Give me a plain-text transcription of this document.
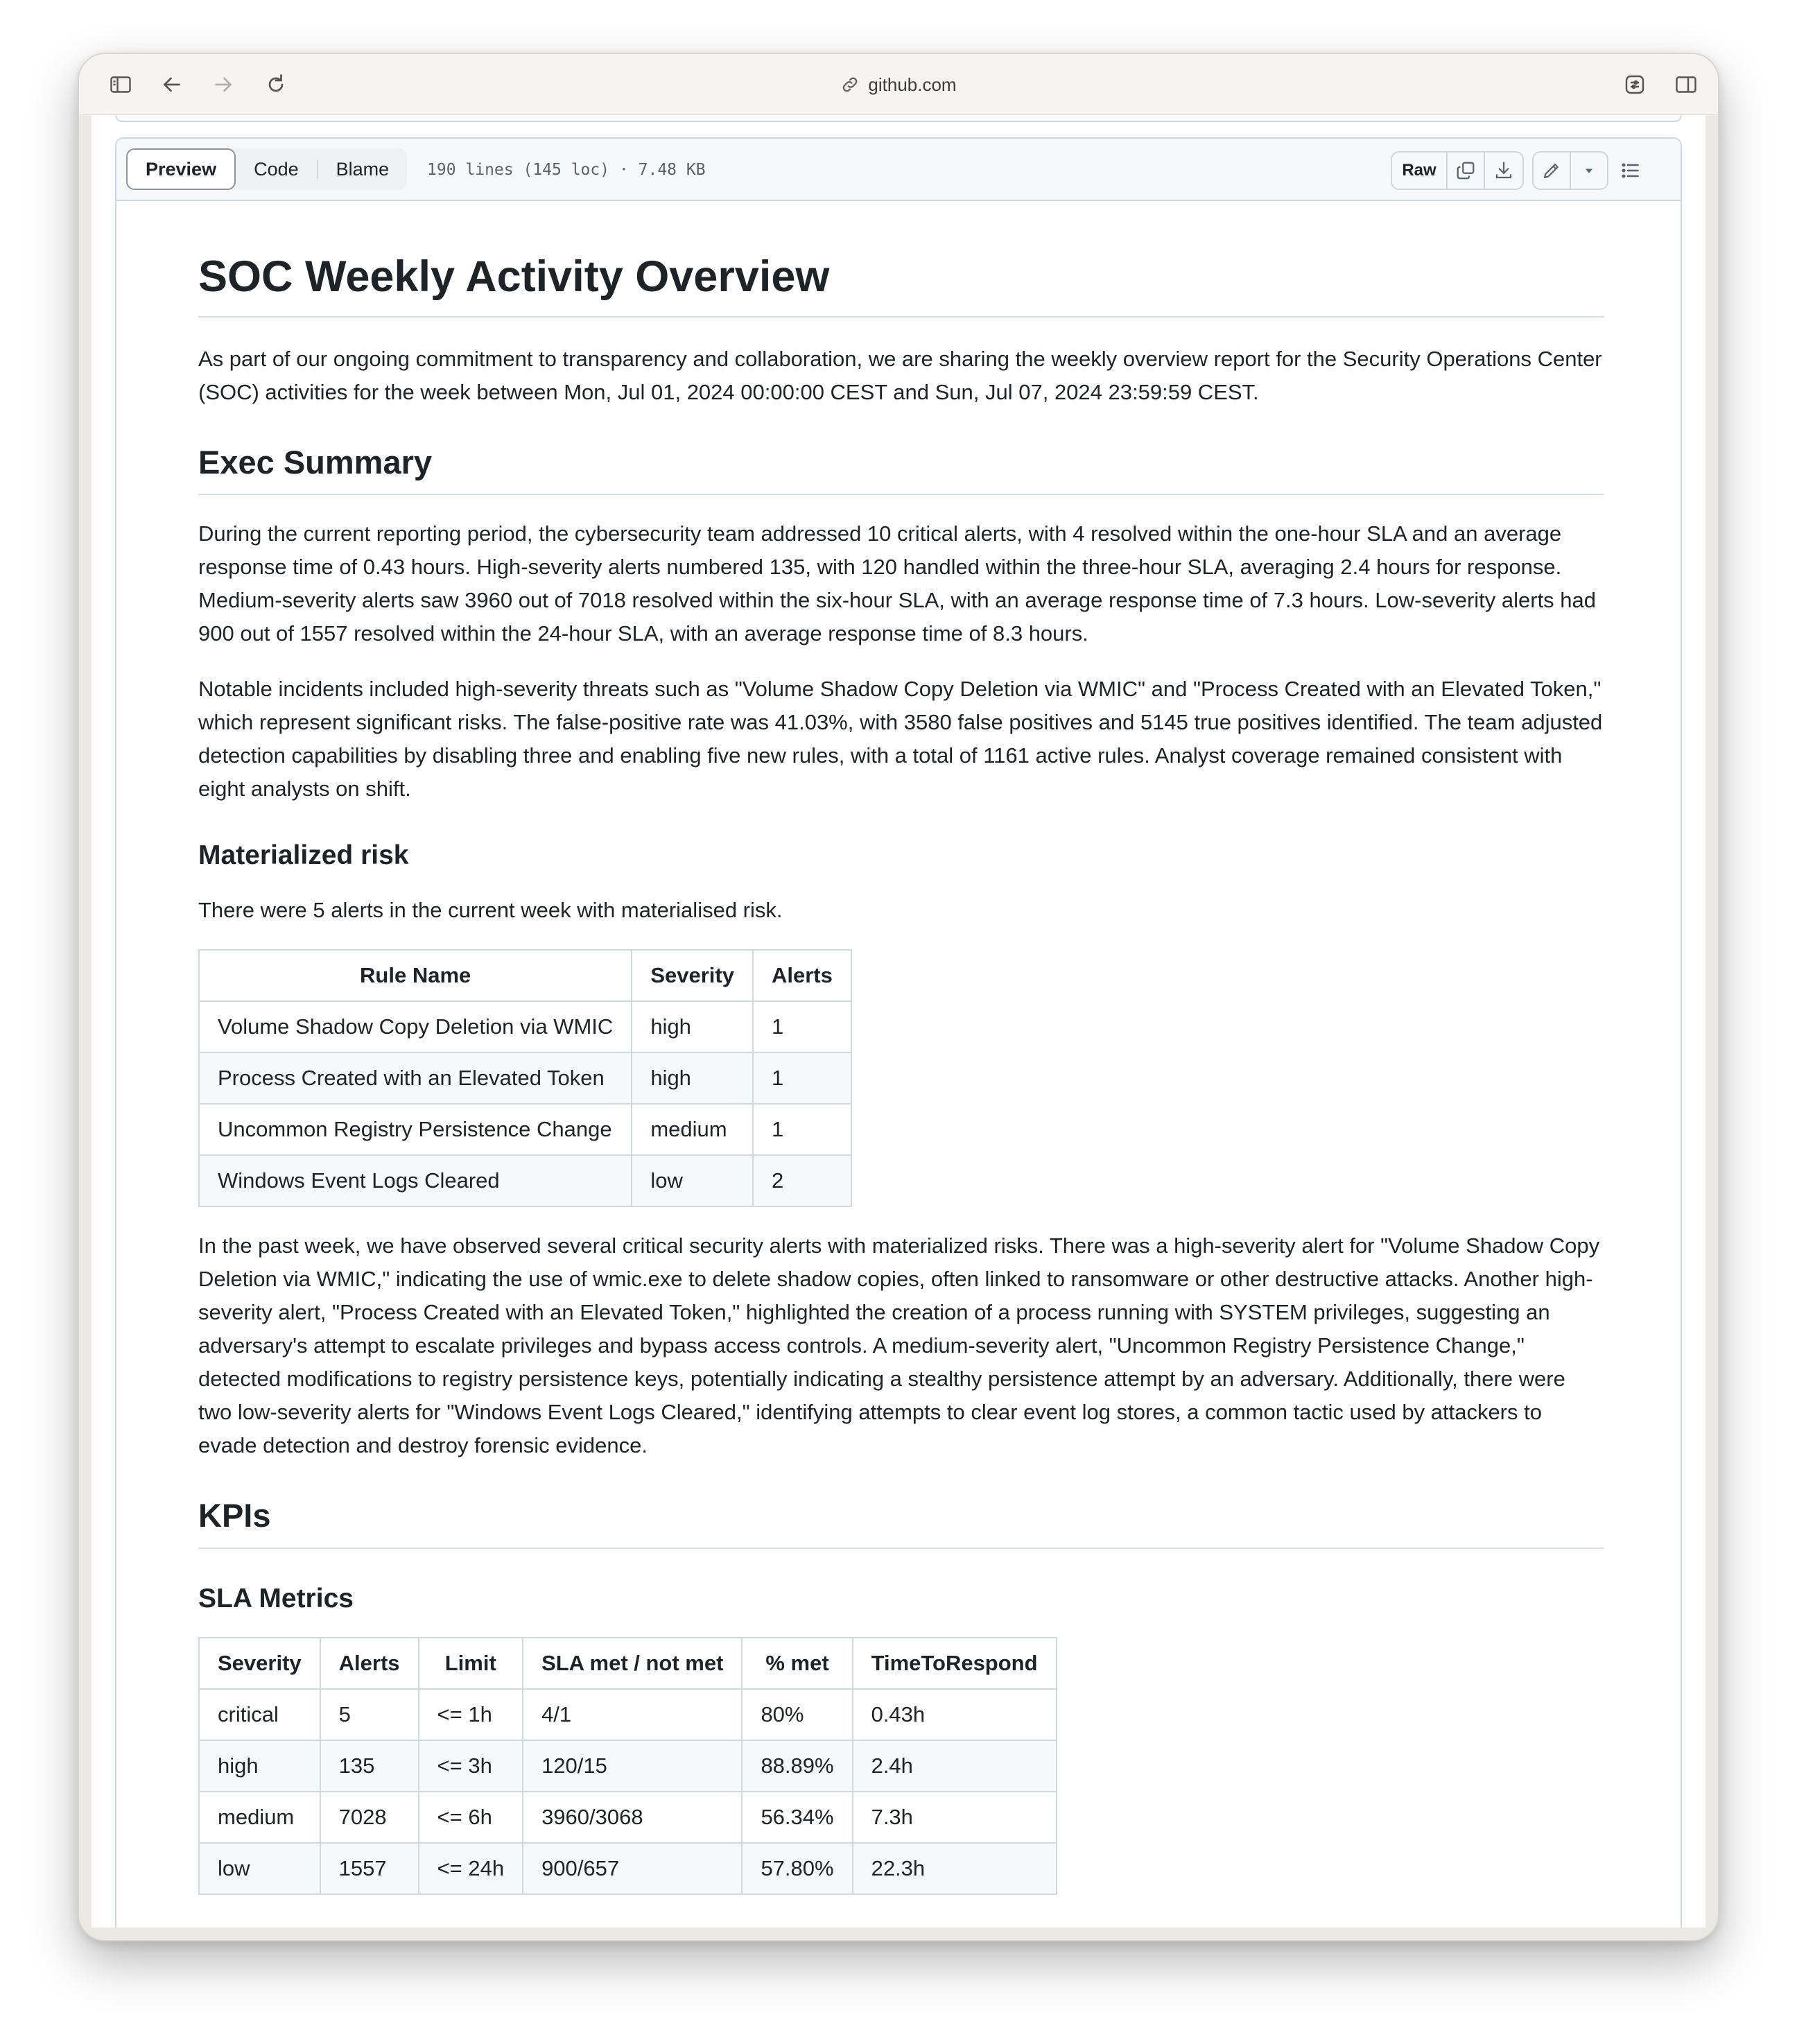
github.com
Preview	Code	Blame	190 lines (145 loc) · 7.48 KB	Raw
SOC Weekly Activity Overview

As part of our ongoing commitment to transparency and collaboration, we are sharing the weekly overview report for the Security Operations Center (SOC) activities for the week between Mon, Jul 01, 2024 00:00:00 CEST and Sun, Jul 07, 2024 23:59:59 CEST.

Exec Summary

During the current reporting period, the cybersecurity team addressed 10 critical alerts, with 4 resolved within the one-hour SLA and an average response time of 0.43 hours. High-severity alerts numbered 135, with 120 handled within the three-hour SLA, averaging 2.4 hours for response. Medium-severity alerts saw 3960 out of 7018 resolved within the six-hour SLA, with an average response time of 7.3 hours. Low-severity alerts had 900 out of 1557 resolved within the 24-hour SLA, with an average response time of 8.3 hours.

Notable incidents included high-severity threats such as "Volume Shadow Copy Deletion via WMIC" and "Process Created with an Elevated Token," which represent significant risks. The false-positive rate was 41.03%, with 3580 false positives and 5145 true positives identified. The team adjusted detection capabilities by disabling three and enabling five new rules, with a total of 1161 active rules. Analyst coverage remained consistent with eight analysts on shift.

Materialized risk

There were 5 alerts in the current week with materialised risk.

Rule Name	Severity	Alerts
Volume Shadow Copy Deletion via WMIC	high	1
Process Created with an Elevated Token	high	1
Uncommon Registry Persistence Change	medium	1
Windows Event Logs Cleared	low	2

In the past week, we have observed several critical security alerts with materialized risks. There was a high-severity alert for "Volume Shadow Copy Deletion via WMIC," indicating the use of wmic.exe to delete shadow copies, often linked to ransomware or other destructive attacks. Another high-severity alert, "Process Created with an Elevated Token," highlighted the creation of a process running with SYSTEM privileges, suggesting an adversary's attempt to escalate privileges and bypass access controls. A medium-severity alert, "Uncommon Registry Persistence Change," detected modifications to registry persistence keys, potentially indicating a stealthy persistence attempt by an adversary. Additionally, there were two low-severity alerts for "Windows Event Logs Cleared," identifying attempts to clear event log stores, a common tactic used by attackers to evade detection and destroy forensic evidence.

KPIs
SLA Metrics
Severity	Alerts	Limit	SLA met / not met	% met	TimeToRespond
critical	5	<= 1h	4/1	80%	0.43h
high	135	<= 3h	120/15	88.89%	2.4h
medium	7028	<= 6h	3960/3068	56.34%	7.3h
low	1557	<= 24h	900/657	57.80%	22.3h
